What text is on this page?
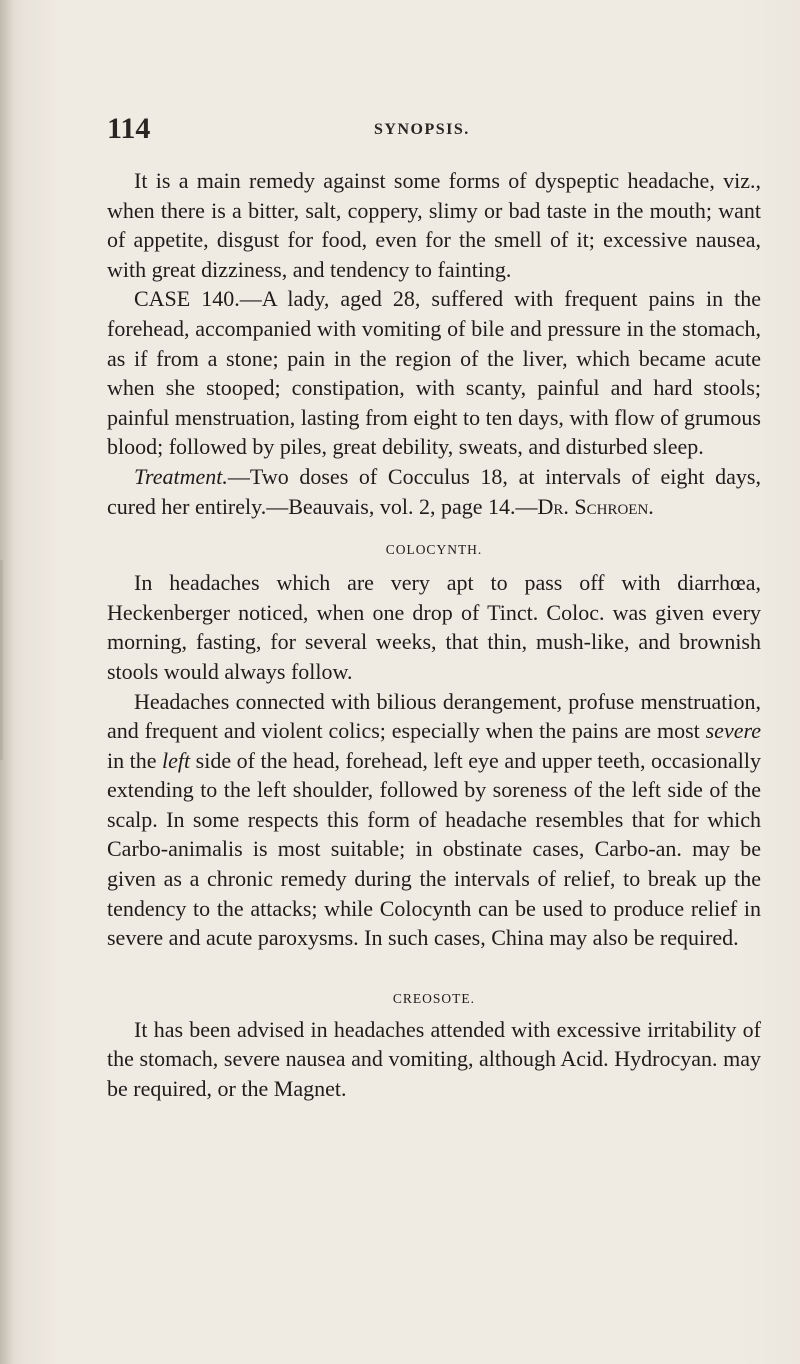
114	SYNOPSIS.

It is a main remedy against some forms of dyspeptic headache, viz., when there is a bitter, salt, coppery, slimy or bad taste in the mouth; want of appetite, disgust for food, even for the smell of it; excessive nausea, with great dizziness, and tendency to fainting.

CASE 140.—A lady, aged 28, suffered with frequent pains in the forehead, accompanied with vomiting of bile and pressure in the stomach, as if from a stone; pain in the region of the liver, which became acute when she stooped; constipation, with scanty, painful and hard stools; painful menstruation, lasting from eight to ten days, with flow of grumous blood; followed by piles, great debility, sweats, and disturbed sleep.

Treatment.—Two doses of Cocculus 18, at intervals of eight days, cured her entirely.—Beauvais, vol. 2, page 14.—Dr. Schroen.

COLOCYNTH.

In headaches which are very apt to pass off with diarrhœa, Heckenberger noticed, when one drop of Tinct. Coloc. was given every morning, fasting, for several weeks, that thin, mush-like, and brownish stools would always follow.

Headaches connected with bilious derangement, profuse menstruation, and frequent and violent colics; especially when the pains are most severe in the left side of the head, forehead, left eye and upper teeth, occasionally extending to the left shoulder, followed by soreness of the left side of the scalp. In some respects this form of headache resembles that for which Carbo-animalis is most suitable; in obstinate cases, Carbo-an. may be given as a chronic remedy during the intervals of relief, to break up the tendency to the attacks; while Colocynth can be used to produce relief in severe and acute paroxysms. In such cases, China may also be required.

CREOSOTE.

It has been advised in headaches attended with excessive irritability of the stomach, severe nausea and vomiting, although Acid. Hydrocyan. may be required, or the Magnet.
